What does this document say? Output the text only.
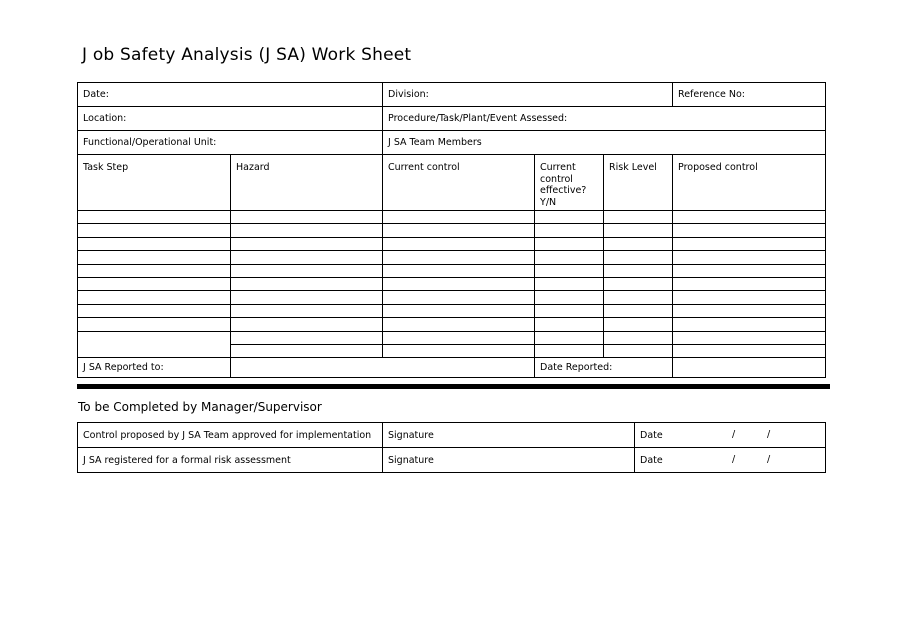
J ob Safety Analysis (J SA) Work Sheet
Date:		Division:			Reference No:
Location:		Procedure/Task/Plant/Event Assessed:			
Functional/Operational Unit:		J SA Team Members			
Task Step	Hazard	Current control	Current control effective? Y/N	Risk Level	Proposed control

J SA Reported to:			Date Reported:		
To be Completed by Manager/Supervisor
Control proposed by J SA Team approved for implementation	Signature	Date / /

J SA registered for a formal risk assessment	Signature	Date / /
